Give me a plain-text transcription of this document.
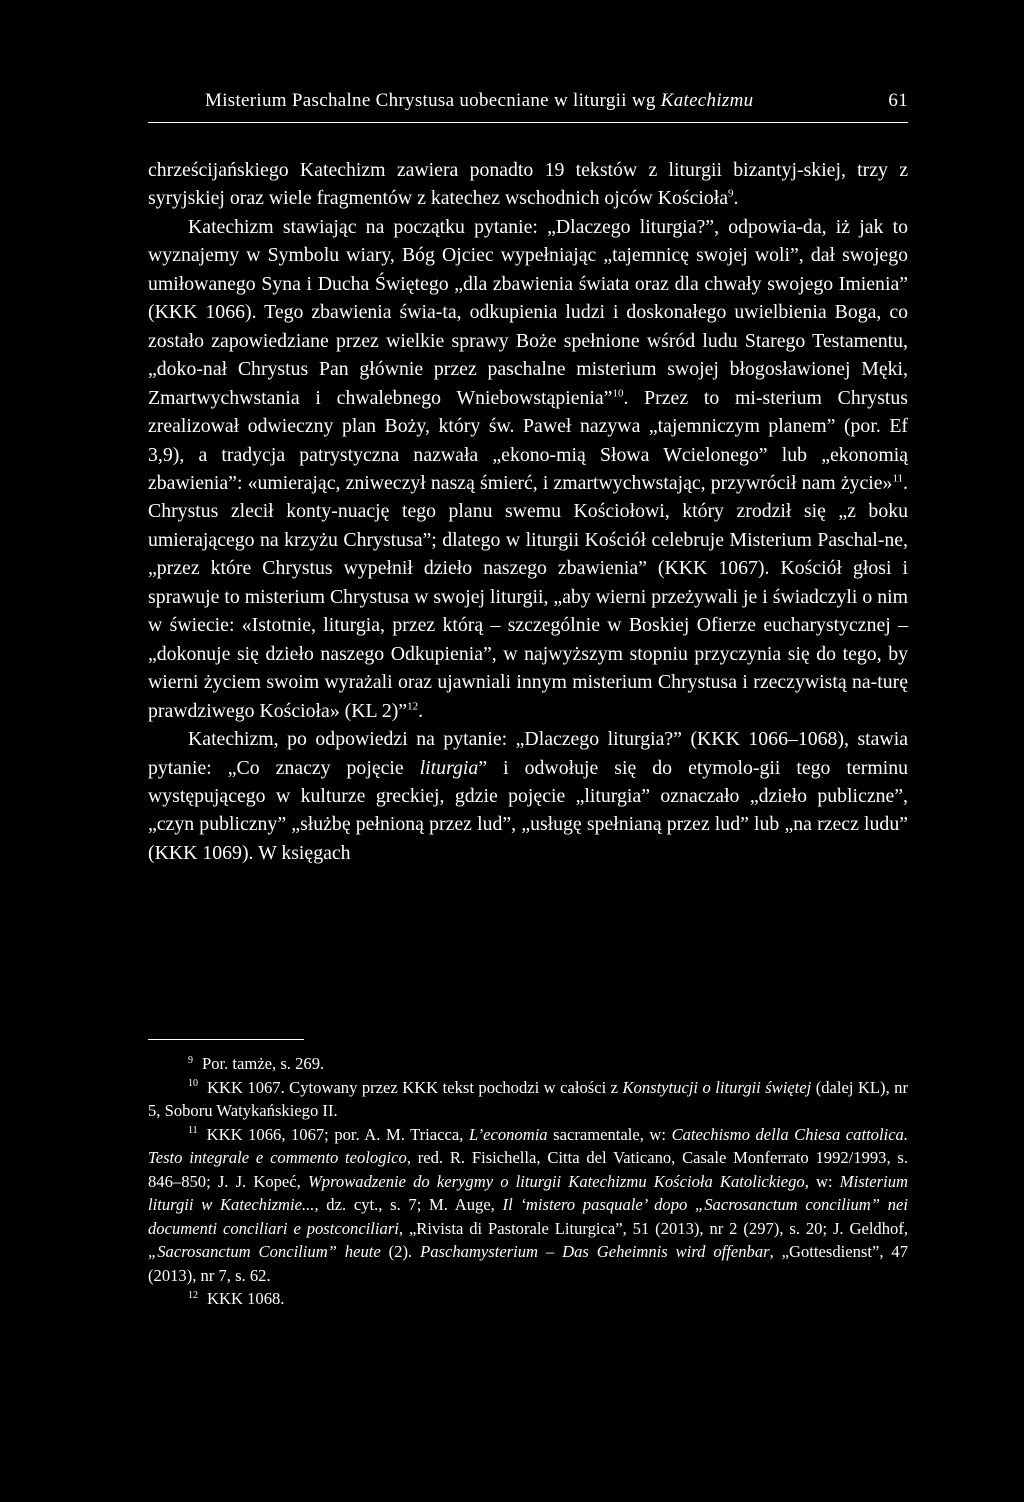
Misterium Paschalne Chrystusa uobecniane w liturgii wg Katechizmu	61

chrześcijańskiego Katechizm zawiera ponadto 19 tekstów z liturgii bizantyj-skiej, trzy z syryjskiej oraz wiele fragmentów z katechez wschodnich ojców Kościoła$^9$.

Katechizm stawiając na początku pytanie: „Dlaczego liturgia?”, odpowia-da, iż jak to wyznajemy w Symbolu wiary, Bóg Ojciec wypełniając „tajemnicę swojej woli”, dał swojego umiłowanego Syna i Ducha Świętego „dla zbawienia świata oraz dla chwały swojego Imienia” (KKK 1066). Tego zbawienia świa-ta, odkupienia ludzi i doskonałego uwielbienia Boga, co zostało zapowiedziane przez wielkie sprawy Boże spełnione wśród ludu Starego Testamentu, „doko-nał Chrystus Pan głównie przez paschalne misterium swojej błogosławionej Męki, Zmartwychwstania i chwalebnego Wniebowstąpienia”$^{10}$. Przez to mi-sterium Chrystus zrealizował odwieczny plan Boży, który św. Paweł nazywa „tajemniczym planem” (por. Ef 3,9), a tradycja patrystyczna nazwała „ekono-mią Słowa Wcielonego” lub „ekonomią zbawienia”: «umierając, zniweczył naszą śmierć, i zmartwychwstając, przywrócił nam życie»$^{11}$. Chrystus zlecił konty-nuację tego planu swemu Kościołowi, który zrodził się „z boku umierającego na krzyżu Chrystusa”; dlatego w liturgii Kościół celebruje Misterium Paschal-ne, „przez które Chrystus wypełnił dzieło naszego zbawienia” (KKK 1067). Kościół głosi i sprawuje to misterium Chrystusa w swojej liturgii, „aby wierni przeżywali je i świadczyli o nim w świecie: «Istotnie, liturgia, przez którą – szczególnie w Boskiej Ofierze eucharystycznej – „dokonuje się dzieło naszego Odkupienia”, w najwyższym stopniu przyczynia się do tego, by wierni życiem swoim wyrażali oraz ujawniali innym misterium Chrystusa i rzeczywistą na-turę prawdziwego Kościoła» (KL 2)”$^{12}$.

Katechizm, po odpowiedzi na pytanie: „Dlaczego liturgia?” (KKK 1066–1068), stawia pytanie: „Co znaczy pojęcie liturgia” i odwołuje się do etymolo-gii tego terminu występującego w kulturze greckiej, gdzie pojęcie „liturgia” oznaczało „dzieło publiczne”, „czyn publiczny” „służbę pełnioną przez lud”, „usługę spełnianą przez lud” lub „na rzecz ludu” (KKK 1069). W księgach

$^9$ Por. tamże, s. 269.

$^{10}$ KKK 1067. Cytowany przez KKK tekst pochodzi w całości z Konstytucji o liturgii świętej (dalej KL), nr 5, Soboru Watykańskiego II.

$^{11}$ KKK 1066, 1067; por. A. M. Triacca, L’economia sacramentale, w: Catechismo della Chiesa cattolica. Testo integrale e commento teologico, red. R. Fisichella, Citta del Vaticano, Casale Monferrato 1992/1993, s. 846–850; J. J. Kopeć, Wprowadzenie do kerygmy o liturgii Katechizmu Kościoła Katolickiego, w: Misterium liturgii w Katechizmie..., dz. cyt., s. 7; M. Auge, Il ‘mistero pasquale’ dopo „Sacrosanctum concilium” nei documenti conciliari e postconciliari, „Rivista di Pastorale Liturgica”, 51 (2013), nr 2 (297), s. 20; J. Geldhof, „Sacrosanctum Concilium” heute (2). Paschamysterium – Das Geheimnis wird offenbar, „Gottesdienst”, 47 (2013), nr 7, s. 62.

$^{12}$ KKK 1068.
